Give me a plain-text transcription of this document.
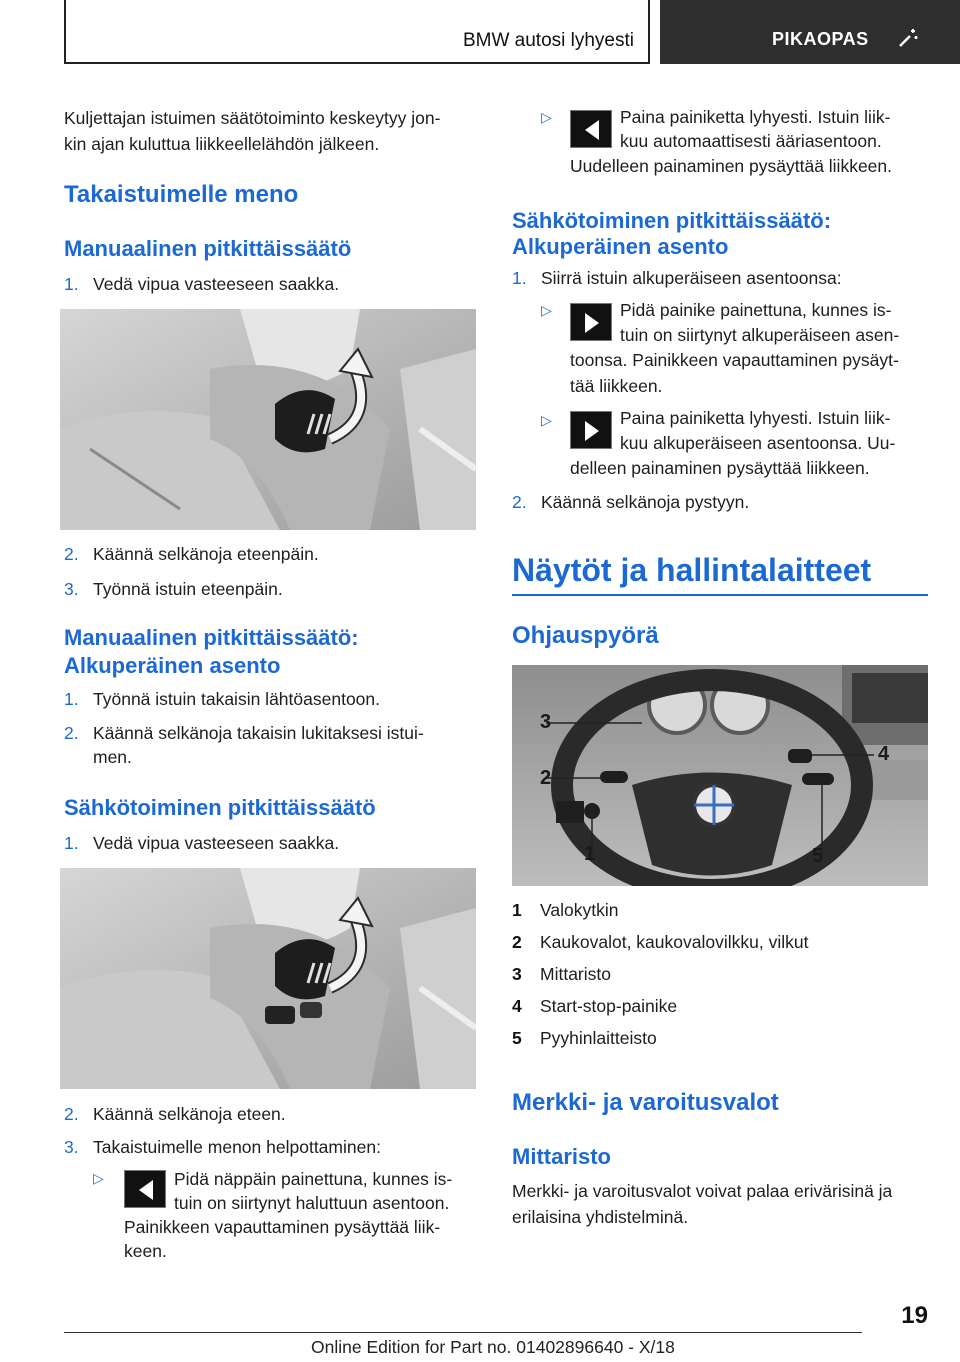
BMW autosi lyhyesti	PIKAOPAS
Kuljettajan istuimen säätötoiminto keskeytyy jon-
kin ajan kuluttua liikkeellelähdön jälkeen.
Takaistuimelle meno
Manuaalinen pitkittäissäätö
1. Vedä vipua vasteeseen saakka.
2. Käännä selkänoja eteenpäin.
3. Työnnä istuin eteenpäin.
Manuaalinen pitkittäissäätö:
Alkuperäinen asento
1. Työnnä istuin takaisin lähtöasentoon.
2. Käännä selkänoja takaisin lukitaksesi istui-
men.
Sähkötoiminen pitkittäissäätö
1. Vedä vipua vasteeseen saakka.
2. Käännä selkänoja eteen.
3. Takaistuimelle menon helpottaminen:
▷	Pidä näppäin painettuna, kunnes is-
tuin on siirtynyt haluttuun asentoon.
Painikkeen vapauttaminen pysäyttää liik-
keen.
▷	Paina painiketta lyhyesti. Istuin liik-
kuu automaattisesti ääriasentoon.
Uudelleen painaminen pysäyttää liikkeen.
Sähkötoiminen pitkittäissäätö:
Alkuperäinen asento
1. Siirrä istuin alkuperäiseen asentoonsa:
▷	Pidä painike painettuna, kunnes is-
tuin on siirtynyt alkuperäiseen asen-
toonsa. Painikkeen vapauttaminen pysäyt-
tää liikkeen.
▷	Paina painiketta lyhyesti. Istuin liik-
kuu alkuperäiseen asentoonsa. Uu-
delleen painaminen pysäyttää liikkeen.
2. Käännä selkänoja pystyyn.
Näytöt ja hallintalaitteet
Ohjauspyörä
3
2
1
4
5
1 Valokytkin
2 Kaukovalot, kaukovalovilkku, vilkut
3 Mittaristo
4 Start-stop-painike
5 Pyyhinlaitteisto
Merkki- ja varoitusvalot
Mittaristo
Merkki- ja varoitusvalot voivat palaa erivärisinä ja
erilaisina yhdistelminä.
19
Online Edition for Part no. 01402896640 - X/18
